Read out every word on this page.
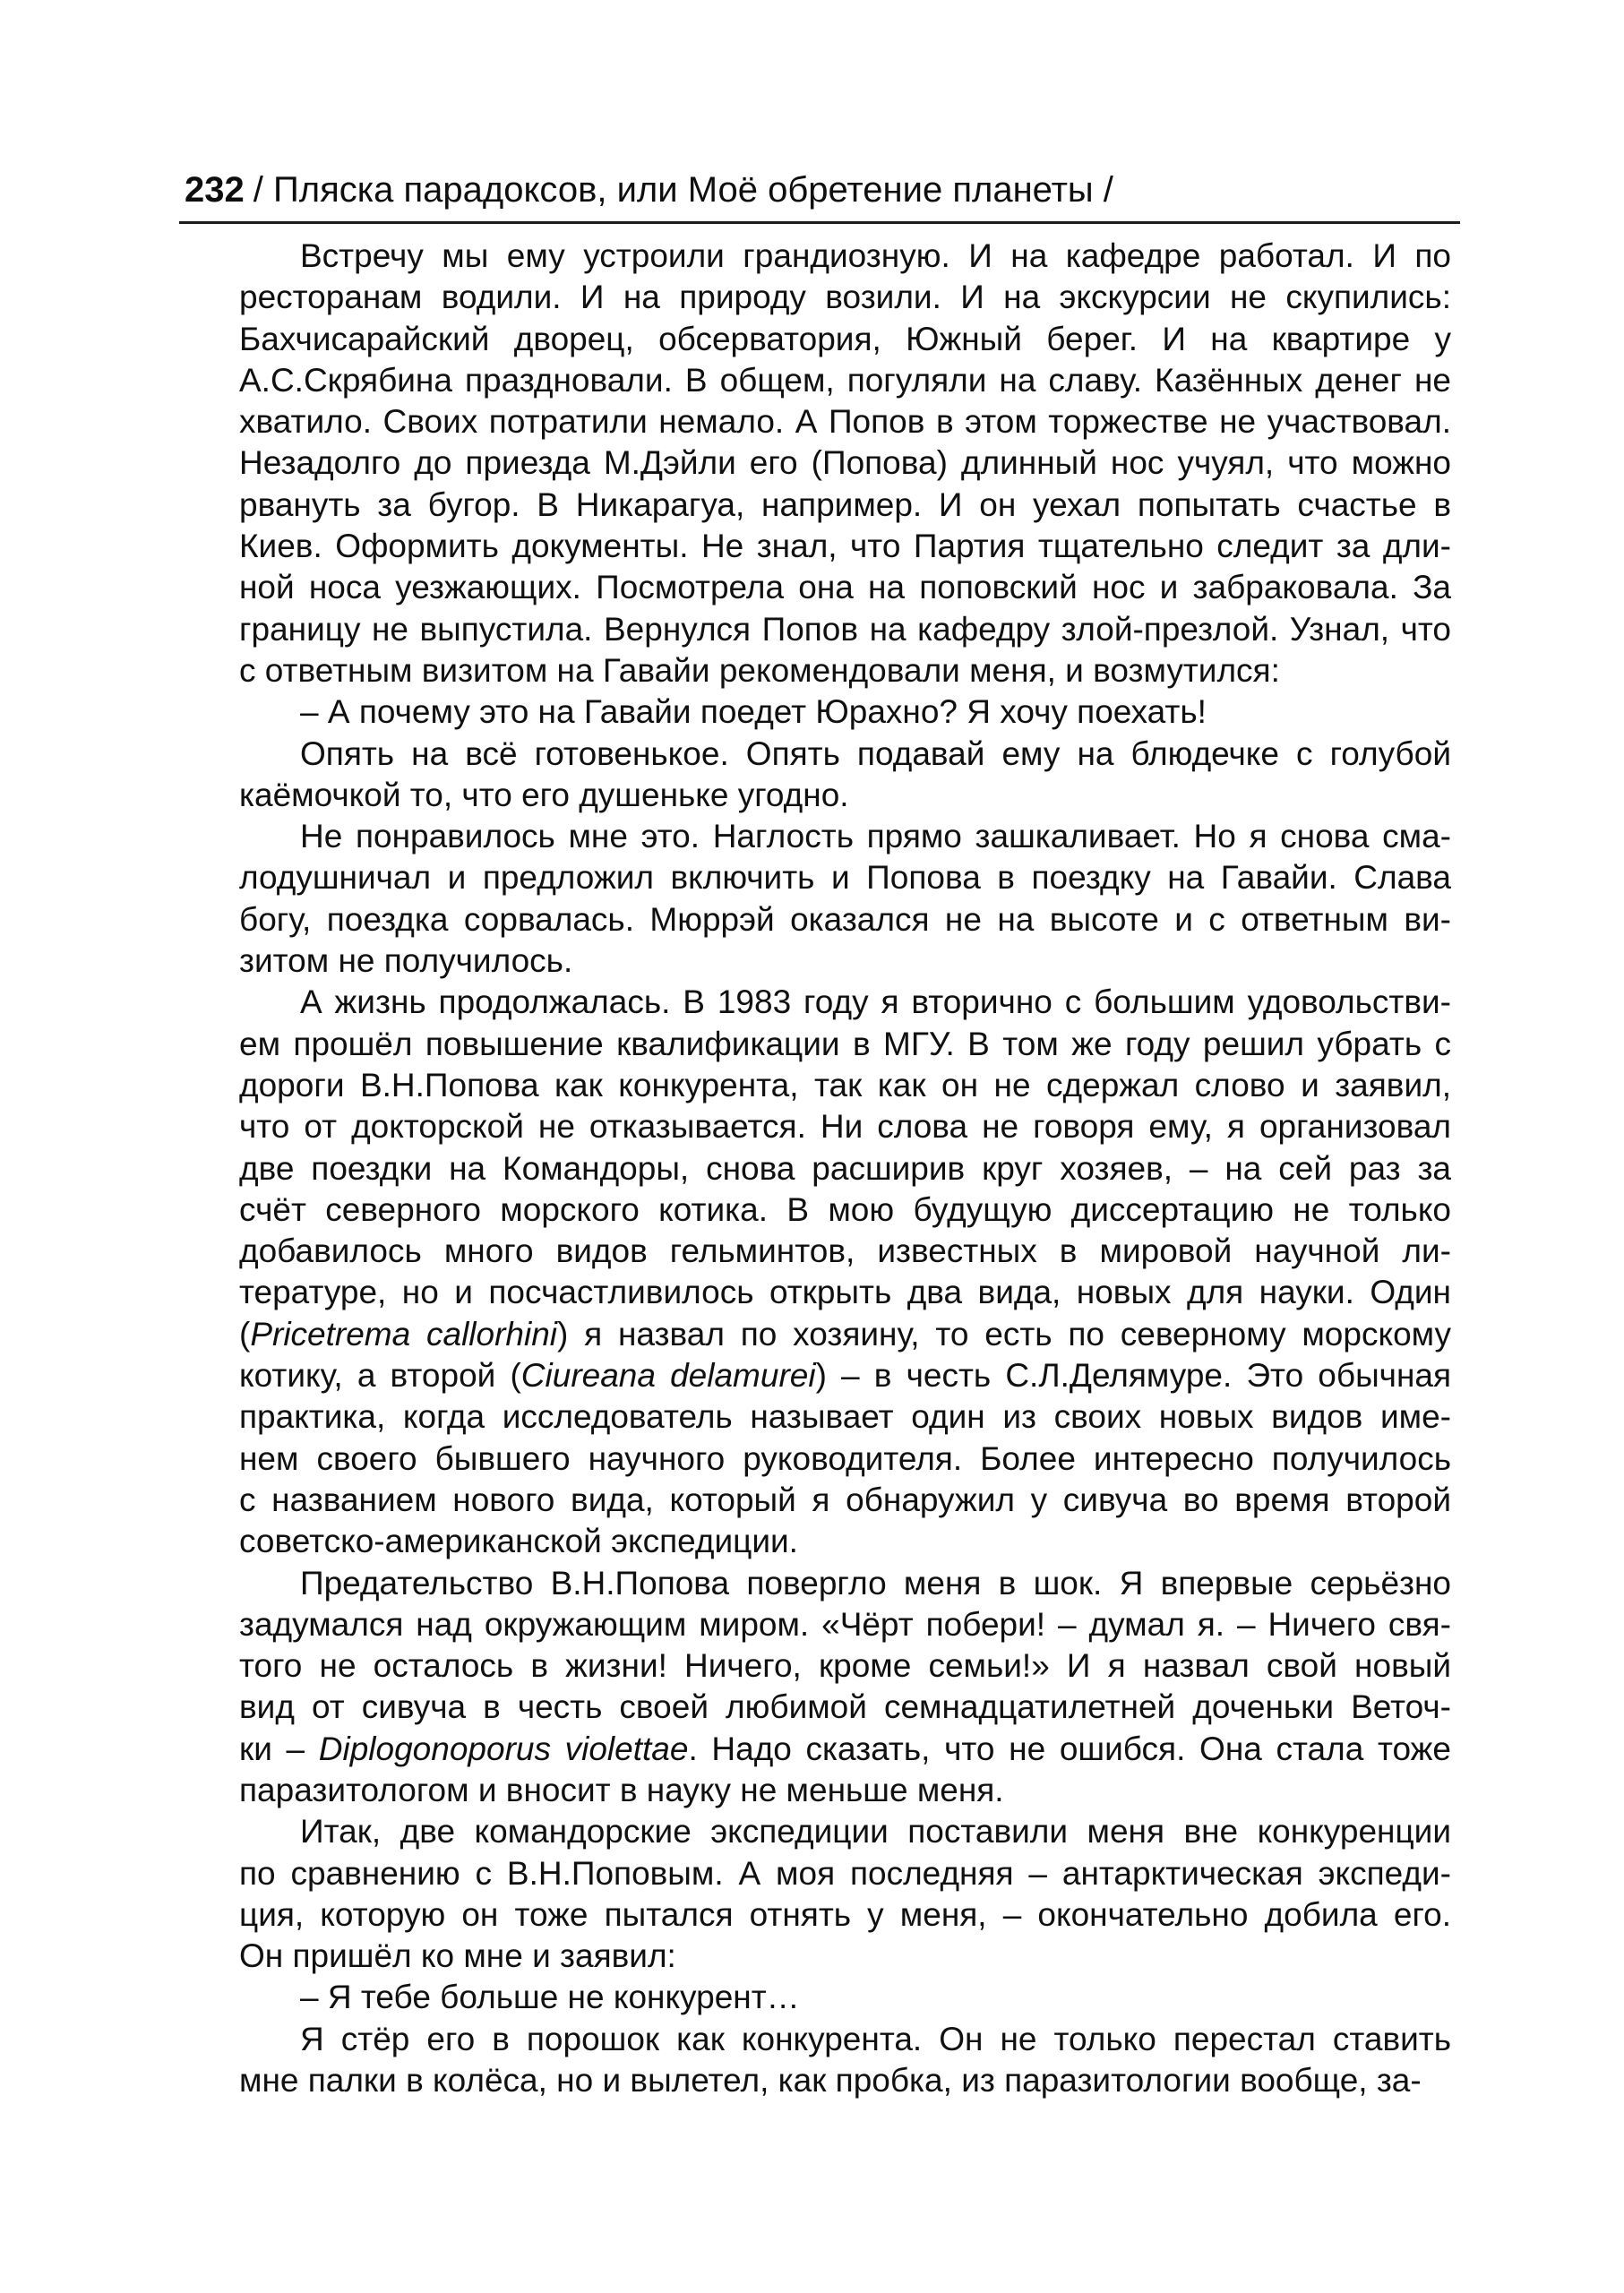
232 / Пляска парадоксов, или Моё обретение планеты /
Встречу мы ему устроили грандиозную. И на кафедре работал. И по
ресторанам водили. И на природу возили. И на экскурсии не скупились:
Бахчисарайский дворец, обсерватория, Южный берег. И на квартире у
А.С.Скрябина праздновали. В общем, погуляли на славу. Казённых денег не
хватило. Своих потратили немало. А Попов в этом торжестве не участвовал.
Незадолго до приезда М.Дэйли его (Попова) длинный нос учуял, что можно
рвануть за бугор. В Никарагуа, например. И он уехал попытать счастье в
Киев. Оформить документы. Не знал, что Партия тщательно следит за дли-
ной носа уезжающих. Посмотрела она на поповский нос и забраковала. За
границу не выпустила. Вернулся Попов на кафедру злой-презлой. Узнал, что
с ответным визитом на Гавайи рекомендовали меня, и возмутился:
– А почему это на Гавайи поедет Юрахно? Я хочу поехать!
Опять на всё готовенькое. Опять подавай ему на блюдечке с голубой
каёмочкой то, что его душеньке угодно.
Не понравилось мне это. Наглость прямо зашкаливает. Но я снова сма-
лодушничал и предложил включить и Попова в поездку на Гавайи. Слава
богу, поездка сорвалась. Мюррэй оказался не на высоте и с ответным ви-
зитом не получилось.
А жизнь продолжалась. В 1983 году я вторично с большим удовольстви-
ем прошёл повышение квалификации в МГУ. В том же году решил убрать с
дороги В.Н.Попова как конкурента, так как он не сдержал слово и заявил,
что от докторской не отказывается. Ни слова не говоря ему, я организовал
две поездки на Командоры, снова расширив круг хозяев, – на сей раз за
счёт северного морского котика. В мою будущую диссертацию не только
добавилось много видов гельминтов, известных в мировой научной ли-
тературе, но и посчастливилось открыть два вида, новых для науки. Один
(Pricetrema callorhini) я назвал по хозяину, то есть по северному морскому
котику, а второй (Ciureana delamurei) – в честь С.Л.Делямуре. Это обычная
практика, когда исследователь называет один из своих новых видов име-
нем своего бывшего научного руководителя. Более интересно получилось
с названием нового вида, который я обнаружил у сивуча во время второй
советско-американской экспедиции.
Предательство В.Н.Попова повергло меня в шок. Я впервые серьёзно
задумался над окружающим миром. «Чёрт побери! – думал я. – Ничего свя-
того не осталось в жизни! Ничего, кроме семьи!» И я назвал свой новый
вид от сивуча в честь своей любимой семнадцатилетней доченьки Веточ-
ки – Diplogonoporus violettae. Надо сказать, что не ошибся. Она стала тоже
паразитологом и вносит в науку не меньше меня.
Итак, две командорские экспедиции поставили меня вне конкуренции
по сравнению с В.Н.Поповым. А моя последняя – антарктическая экспеди-
ция, которую он тоже пытался отнять у меня, – окончательно добила его.
Он пришёл ко мне и заявил:
– Я тебе больше не конкурент…
Я стёр его в порошок как конкурента. Он не только перестал ставить
мне палки в колёса, но и вылетел, как пробка, из паразитологии вообще, за-
